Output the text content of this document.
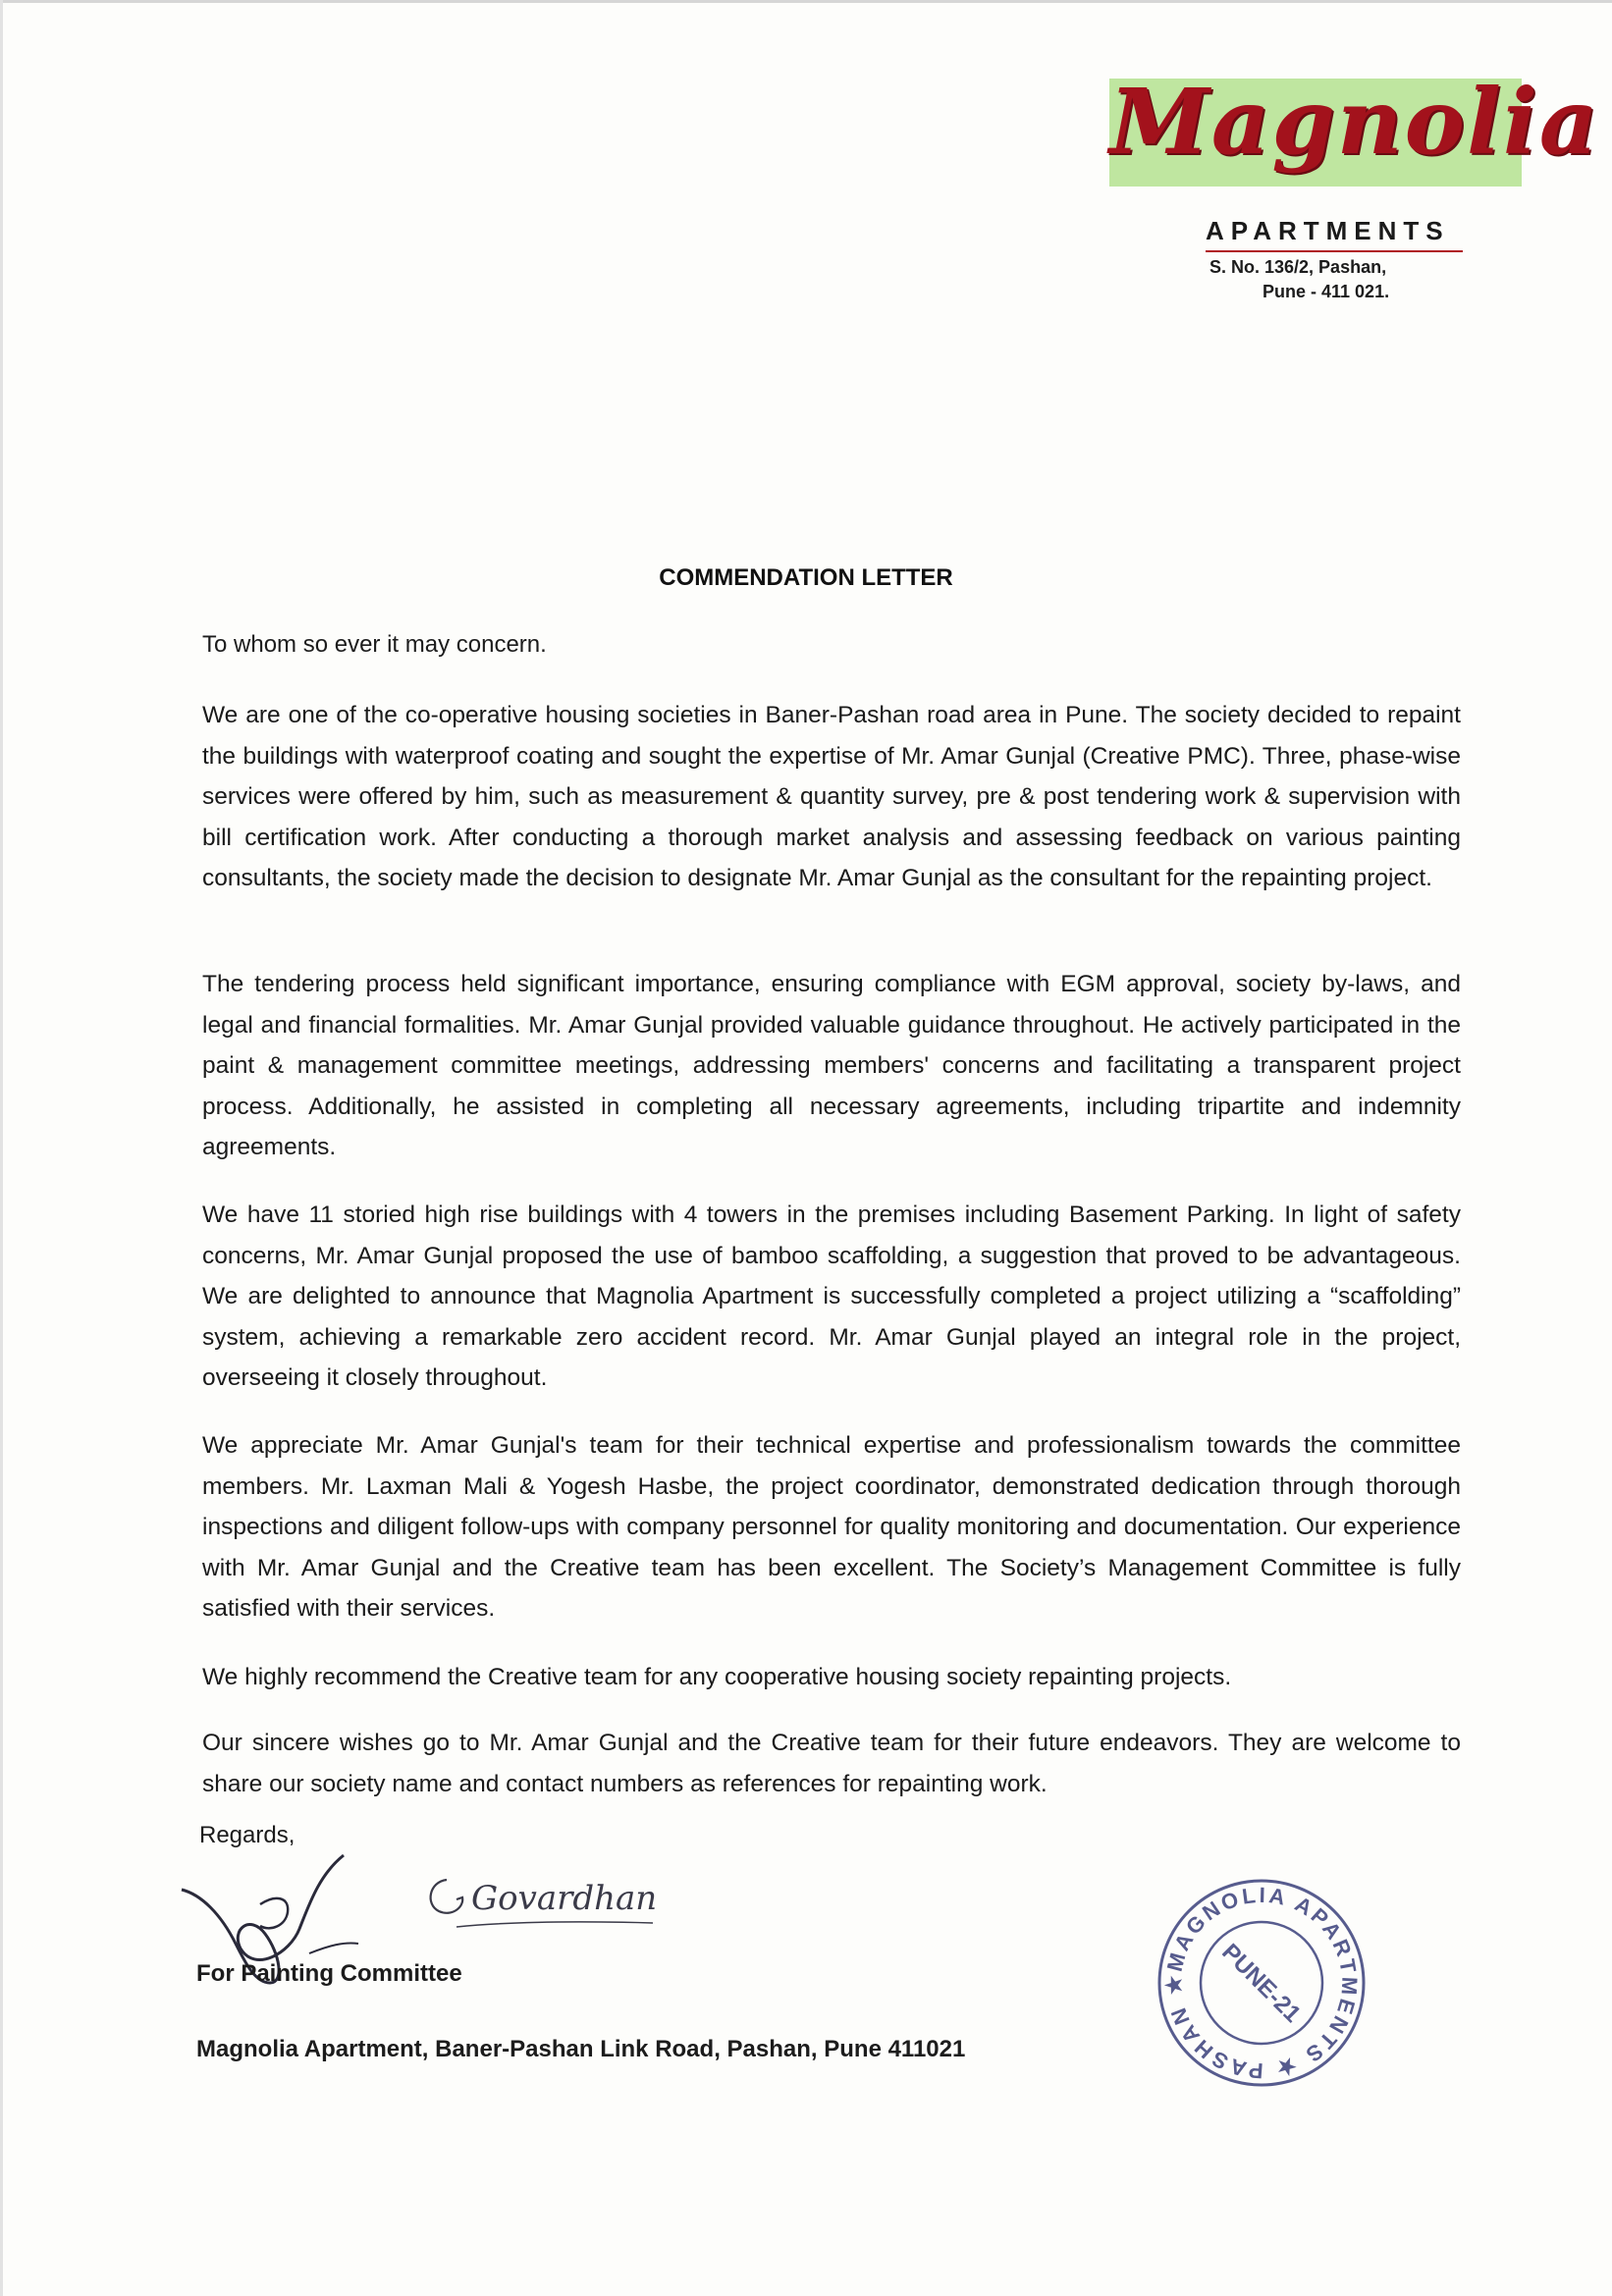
Magnolia
APARTMENTS
S. No. 136/2, Pashan,
Pune - 411 021.
COMMENDATION LETTER
To whom so ever it may concern.
We are one of the co-operative housing societies in Baner-Pashan road area in Pune. The society decided to repaint the buildings with waterproof coating and sought the expertise of Mr. Amar Gunjal (Creative PMC). Three, phase-wise services were offered by him, such as measurement & quantity survey, pre & post tendering work & supervision with bill certification work. After conducting a thorough market analysis and assessing feedback on various painting consultants, the society made the decision to designate Mr. Amar Gunjal as the consultant for the repainting project.
The tendering process held significant importance, ensuring compliance with EGM approval, society by-laws, and legal and financial formalities. Mr. Amar Gunjal provided valuable guidance throughout. He actively participated in the paint & management committee meetings, addressing members' concerns and facilitating a transparent project process. Additionally, he assisted in completing all necessary agreements, including tripartite and indemnity agreements.
We have 11 storied high rise buildings with 4 towers in the premises including Basement Parking. In light of safety concerns, Mr. Amar Gunjal proposed the use of bamboo scaffolding, a suggestion that proved to be advantageous. We are delighted to announce that Magnolia Apartment is successfully completed a project utilizing a “scaffolding” system, achieving a remarkable zero accident record. Mr. Amar Gunjal played an integral role in the project, overseeing it closely throughout.
We appreciate Mr. Amar Gunjal's team for their technical expertise and professionalism towards the committee members. Mr. Laxman Mali & Yogesh Hasbe, the project coordinator, demonstrated dedication through thorough inspections and diligent follow-ups with company personnel for quality monitoring and documentation. Our experience with Mr. Amar Gunjal and the Creative team has been excellent. The Society’s Management Committee is fully satisfied with their services.
We highly recommend the Creative team for any cooperative housing society repainting projects.
Our sincere wishes go to Mr. Amar Gunjal and the Creative team for their future endeavors. They are welcome to share our society name and contact numbers as references for repainting work.
Regards,
Govardhan
For Painting Committee
Magnolia Apartment, Baner-Pashan Link Road, Pashan, Pune 411021
MAGNOLIA APARTMENTS ★ PASHAN ★	PUNE-21
